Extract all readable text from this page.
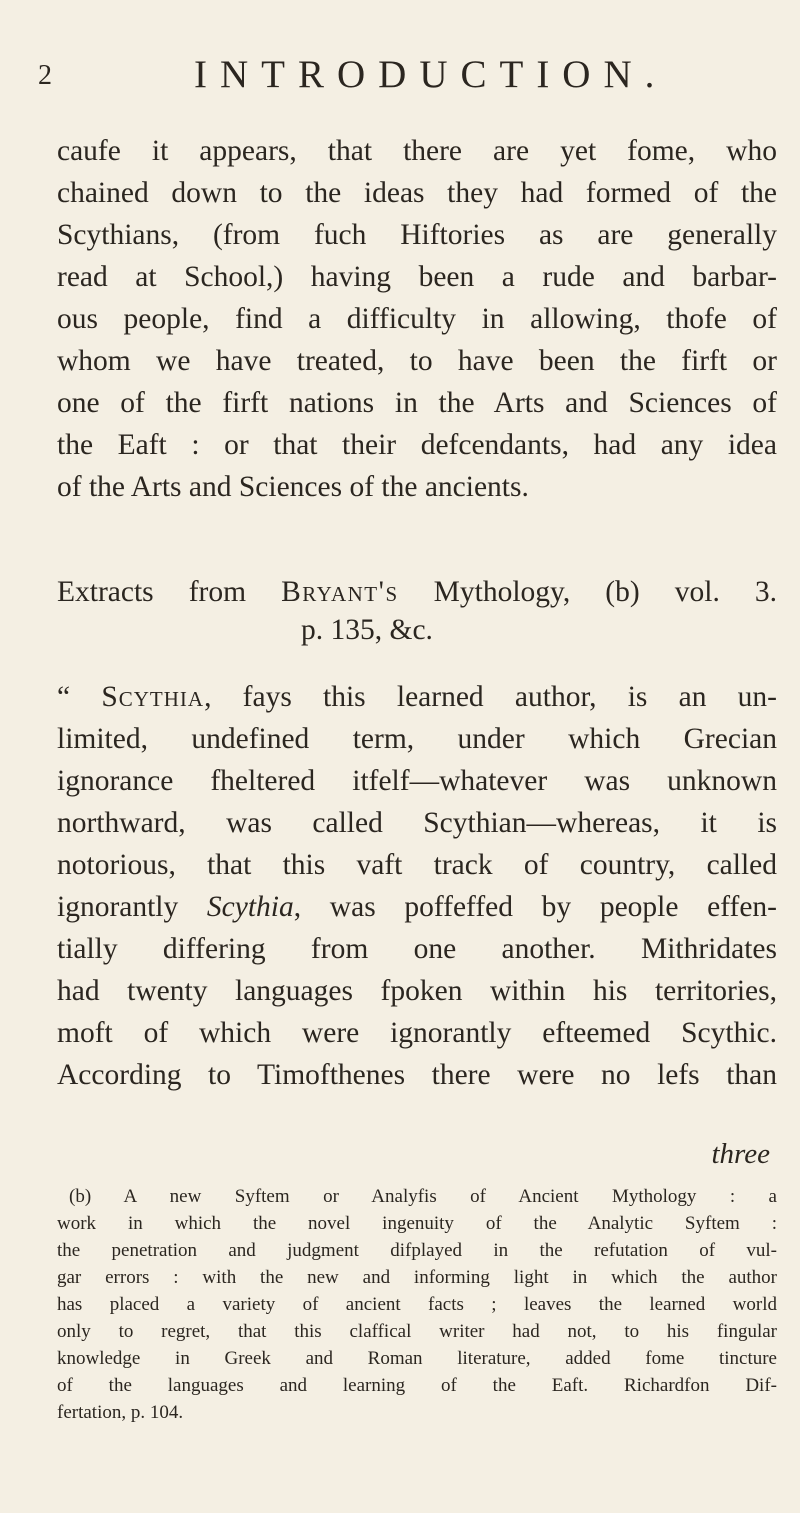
2	INTRODUCTION.
caufe it appears, that there are yet fome, who
chained down to the ideas they had formed of the
Scythians, (from fuch Hiftories as are generally
read at School,) having been a rude and barbar-
ous people, find a difficulty in allowing, thofe of
whom we have treated, to have been the firft or
one of the firft nations in the Arts and Sciences of
the Eaft : or that their defcendants, had any idea
of the Arts and Sciences of the ancients.
Extracts from Bryant's Mythology, (b) vol. 3.
p. 135, &c.
“ Scythia, fays this learned author, is an un-
limited, undefined term, under which Grecian
ignorance fheltered itfelf—whatever was unknown
northward, was called Scythian—whereas, it is
notorious, that this vaft track of country, called
ignorantly Scythia, was poffeffed by people effen-
tially differing from one another. Mithridates
had twenty languages fpoken within his territories,
moft of which were ignorantly efteemed Scythic.
According to Timofthenes there were no lefs than
three
(b) A new Syftem or Analyfis of Ancient Mythology : a
work in which the novel ingenuity of the Analytic Syftem :
the penetration and judgment difplayed in the refutation of vul-
gar errors : with the new and informing light in which the author
has placed a variety of ancient facts ; leaves the learned world
only to regret, that this claffical writer had not, to his fingular
knowledge in Greek and Roman literature, added fome tincture
of the languages and learning of the Eaft. Richardfon Dif-
fertation, p. 104.
